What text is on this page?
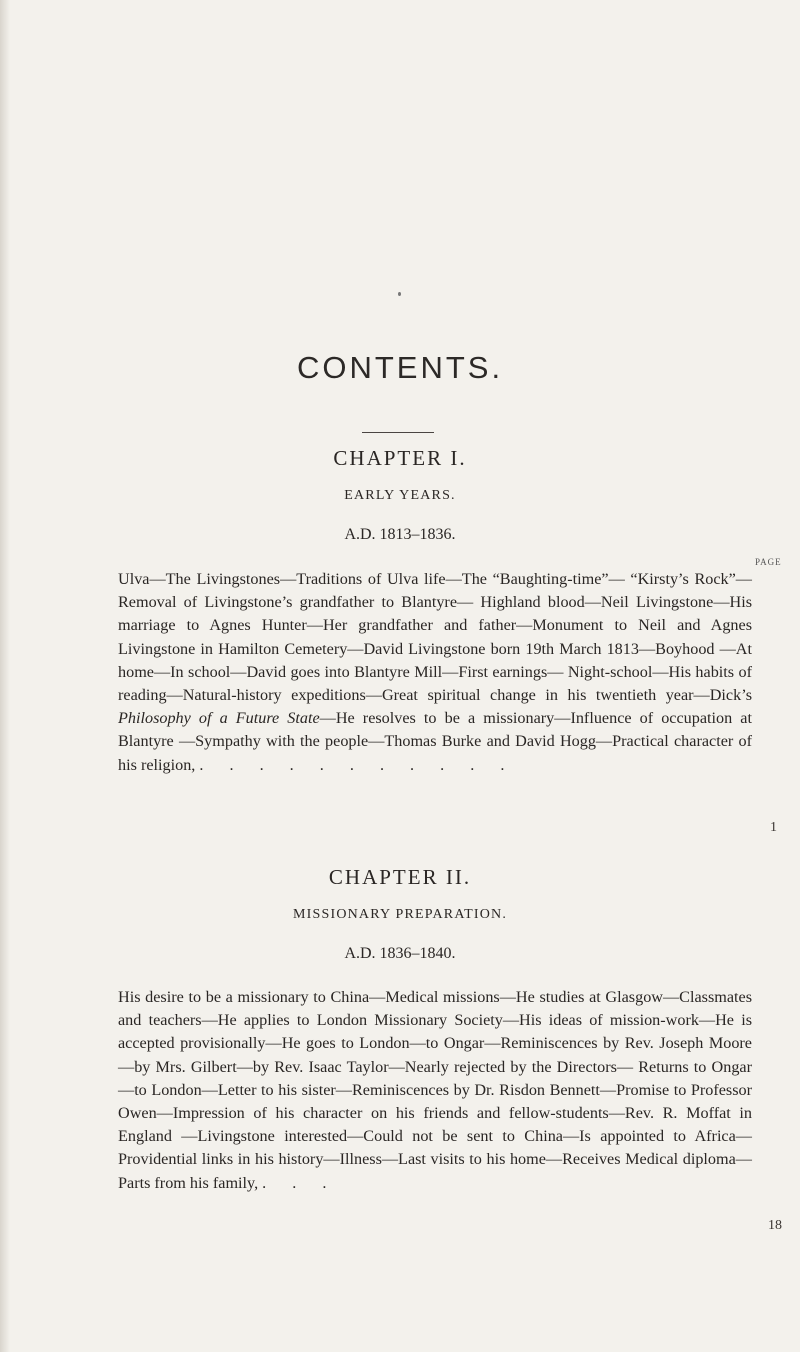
CONTENTS.
CHAPTER I.
EARLY YEARS.
A.D. 1813–1836.
PAGE
Ulva—The Livingstones—Traditions of Ulva life—The “Baughting-time”— “Kirsty’s Rock”—Removal of Livingstone’s grandfather to Blantyre— Highland blood—Neil Livingstone—His marriage to Agnes Hunter—Her grandfather and father—Monument to Neil and Agnes Livingstone in Hamilton Cemetery—David Livingstone born 19th March 1813—Boyhood —At home—In school—David goes into Blantyre Mill—First earnings— Night-school—His habits of reading—Natural-history expeditions—Great spiritual change in his twentieth year—Dick’s Philosophy of a Future State—He resolves to be a missionary—Influence of occupation at Blantyre —Sympathy with the people—Thomas Burke and David Hogg—Practical character of his religion, . . . . . . . . . . .
1
CHAPTER II.
MISSIONARY PREPARATION.
A.D. 1836–1840.
His desire to be a missionary to China—Medical missions—He studies at Glasgow—Classmates and teachers—He applies to London Missionary Society—His ideas of mission-work—He is accepted provisionally—He goes to London—to Ongar—Reminiscences by Rev. Joseph Moore—by Mrs. Gilbert—by Rev. Isaac Taylor—Nearly rejected by the Directors— Returns to Ongar—to London—Letter to his sister—Reminiscences by Dr. Risdon Bennett—Promise to Professor Owen—Impression of his character on his friends and fellow-students—Rev. R. Moffat in England —Livingstone interested—Could not be sent to China—Is appointed to Africa—Providential links in his history—Illness—Last visits to his home—Receives Medical diploma—Parts from his family, . . .
18
